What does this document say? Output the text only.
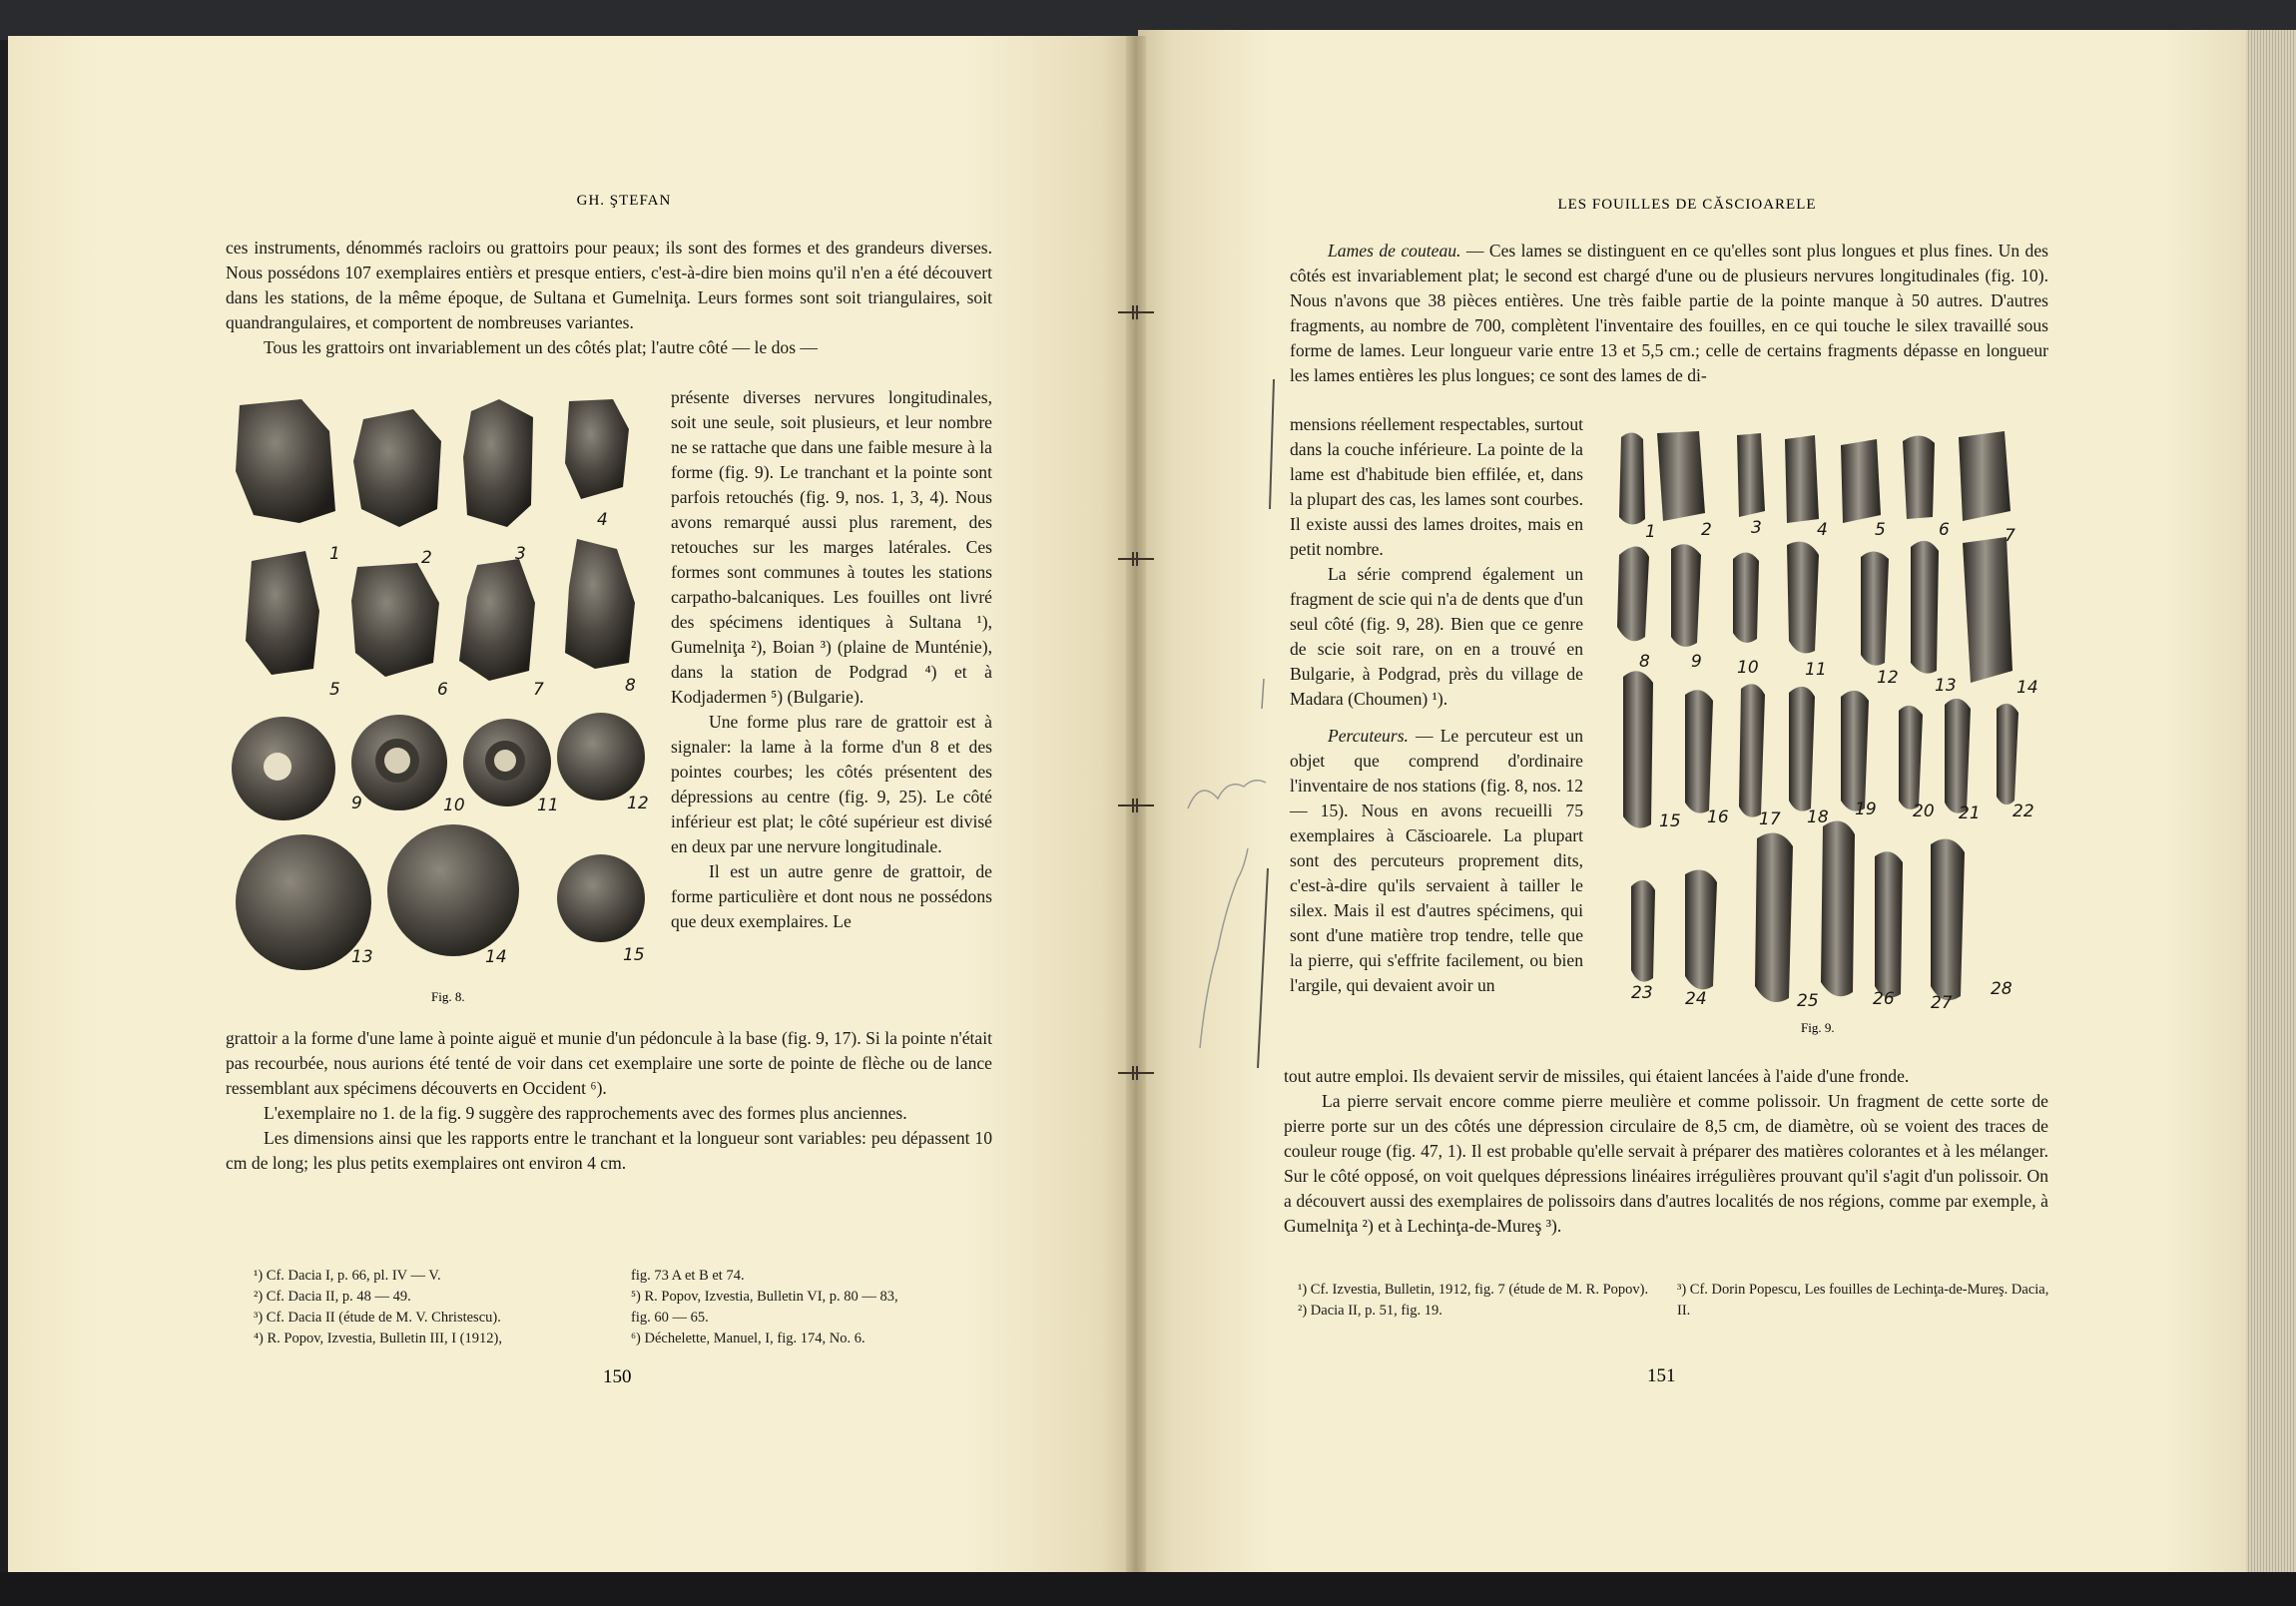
GH. ŞTEFAN

ces instruments, dénommés racloirs ou grattoirs pour peaux; ils sont des formes et des grandeurs diverses. Nous possédons 107 exemplaires entièrs et presque entiers, c'est-à-dire bien moins qu'il n'en a été découvert dans les stations, de la même époque, de Sultana et Gumelniţa. Leurs formes sont soit triangulaires, soit quandrangulaires, et comportent de nombreuses variantes.

Tous les grattoirs ont invariablement un des côtés plat; l'autre côté — le dos —

présente diverses nervures longitudinales, soit une seule, soit plusieurs, et leur nombre ne se rattache que dans une faible mesure à la forme (fig. 9). Le tranchant et la pointe sont parfois retouchés (fig. 9, nos. 1, 3, 4). Nous avons remarqué aussi plus rarement, des retouches sur les marges latérales. Ces formes sont communes à toutes les stations carpatho-balcaniques. Les fouilles ont livré des spécimens identiques à Sultana ¹), Gumelniţa ²), Boian ³) (plaine de Munténie), dans la station de Podgrad ⁴) et à Kodjadermen ⁵) (Bulgarie).

Une forme plus rare de grattoir est à signaler: la lame à la forme d'un 8 et des pointes courbes; les côtés présentent des dépressions au centre (fig. 9, 25). Le côté inférieur est plat; le côté supérieur est divisé en deux par une nervure longitudinale.

Il est un autre genre de grattoir, de forme particulière et dont nous ne possédons que deux exemplaires. Le

1	2	3
4
5	6	7	8
9	10	11	12
13	14	15
Fig. 8.

grattoir a la forme d'une lame à pointe aiguë et munie d'un pédoncule à la base (fig. 9, 17). Si la pointe n'était pas recourbée, nous aurions été tenté de voir dans cet exemplaire une sorte de pointe de flèche ou de lance ressemblant aux spécimens découverts en Occident ⁶).

L'exemplaire no 1. de la fig. 9 suggère des rapprochements avec des formes plus anciennes.

Les dimensions ainsi que les rapports entre le tranchant et la longueur sont variables: peu dépassent 10 cm de long; les plus petits exemplaires ont environ 4 cm.

¹) Cf. Dacia I, p. 66, pl. IV — V.

²) Cf. Dacia II, p. 48 — 49.

³) Cf. Dacia II (étude de M. V. Christescu).

⁴) R. Popov, Izvestia, Bulletin III, I (1912),

fig. 73 A et B et 74.

⁵) R. Popov, Izvestia, Bulletin VI, p. 80 — 83,

fig. 60 — 65.

⁶) Déchelette, Manuel, I, fig. 174, No. 6.

150
LES FOUILLES DE CĂSCIOARELE

Lames de couteau. — Ces lames se distinguent en ce qu'elles sont plus longues et plus fines. Un des côtés est invariablement plat; le second est chargé d'une ou de plusieurs nervures longitudinales (fig. 10). Nous n'avons que 38 pièces entières. Une très faible partie de la pointe manque à 50 autres. D'autres fragments, au nombre de 700, complètent l'inventaire des fouilles, en ce qui touche le silex travaillé sous forme de lames. Leur longueur varie entre 13 et 5,5 cm.; celle de certains fragments dépasse en longueur les lames entières les plus longues; ce sont des lames de di-

mensions réellement respectables, surtout dans la couche inférieure. La pointe de la lame est d'habitude bien effilée, et, dans la plupart des cas, les lames sont courbes. Il existe aussi des lames droites, mais en petit nombre.

La série comprend également un fragment de scie qui n'a de dents que d'un seul côté (fig. 9, 28). Bien que ce genre de scie soit rare, on en a trouvé en Bulgarie, à Podgrad, près du village de Madara (Choumen) ¹).

Percuteurs. — Le percuteur est un objet que comprend d'ordinaire l'inventaire de nos stations (fig. 8, nos. 12 — 15). Nous en avons recueilli 75 exemplaires à Căscioarele. La plupart sont des percuteurs proprement dits, c'est-à-dire qu'ils servaient à tailler le silex. Mais il est d'autres spécimens, qui sont d'une matière trop tendre, telle que la pierre, qui s'effrite facilement, ou bien l'argile, qui devaient avoir un

1	2 3	4	5	6	7
8 9 10	11	12 13	14
15 16 17 18 19 20 21 22
23 24	25	26 27
28
Fig. 9.

tout autre emploi. Ils devaient servir de missiles, qui étaient lancées à l'aide d'une fronde.

La pierre servait encore comme pierre meulière et comme polissoir. Un fragment de cette sorte de pierre porte sur un des côtés une dépression circulaire de 8,5 cm, de diamètre, où se voient des traces de couleur rouge (fig. 47, 1). Il est probable qu'elle servait à préparer des matières colorantes et à les mélanger. Sur le côté opposé, on voit quelques dépressions linéaires irrégulières prouvant qu'il s'agit d'un polissoir. On a découvert aussi des exemplaires de polissoirs dans d'autres localités de nos régions, comme par exemple, à Gumelniţa ²) et à Lechinţa-de-Mureş ³).

¹) Cf. Izvestia, Bulletin, 1912, fig. 7 (étude de M. R. Popov).

²) Dacia II, p. 51, fig. 19.

³) Cf. Dorin Popescu, Les fouilles de Lechinţa-de-Mureş. Dacia, II.

151
